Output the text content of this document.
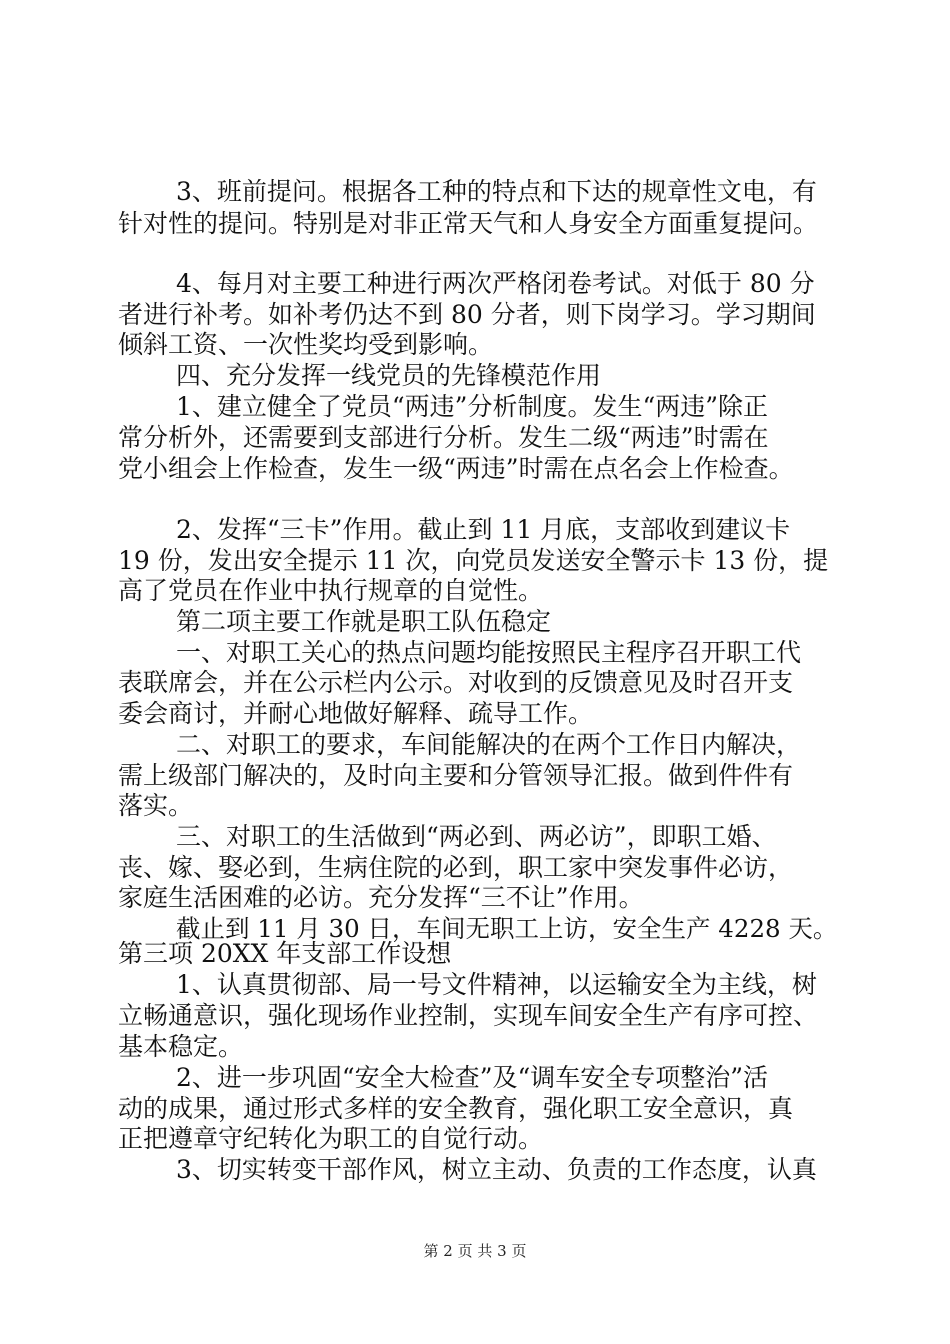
3、班前提问。根据各工种的特点和下达的规章性文电，有
针对性的提问。特别是对非正常天气和人身安全方面重复提问。
4、每月对主要工种进行两次严格闭卷考试。对低于 80 分
者进行补考。如补考仍达不到 80 分者，则下岗学习。学习期间
倾斜工资、一次性奖均受到影响。
四、充分发挥一线党员的先锋模范作用
1、建立健全了党员“两违”分析制度。发生“两违”除正
常分析外，还需要到支部进行分析。发生二级“两违”时需在
党小组会上作检查，发生一级“两违”时需在点名会上作检查。
2、发挥“三卡”作用。截止到 11 月底，支部收到建议卡
19 份，发出安全提示 11 次，向党员发送安全警示卡 13 份，提
高了党员在作业中执行规章的自觉性。
第二项主要工作就是职工队伍稳定
一、对职工关心的热点问题均能按照民主程序召开职工代
表联席会，并在公示栏内公示。对收到的反馈意见及时召开支
委会商讨，并耐心地做好解释、疏导工作。
二、对职工的要求，车间能解决的在两个工作日内解决，
需上级部门解决的，及时向主要和分管领导汇报。做到件件有
落实。
三、对职工的生活做到“两必到、两必访”，即职工婚、
丧、嫁、娶必到，生病住院的必到，职工家中突发事件必访，
家庭生活困难的必访。充分发挥“三不让”作用。
截止到 11 月 30 日，车间无职工上访，安全生产 4228 天。
第三项 20XX 年支部工作设想
1、认真贯彻部、局一号文件精神，以运输安全为主线，树
立畅通意识，强化现场作业控制，实现车间安全生产有序可控、
基本稳定。
2、进一步巩固“安全大检查”及“调车安全专项整治”活
动的成果，通过形式多样的安全教育，强化职工安全意识，真
正把遵章守纪转化为职工的自觉行动。
3、切实转变干部作风，树立主动、负责的工作态度，认真
第 2 页 共 3 页
